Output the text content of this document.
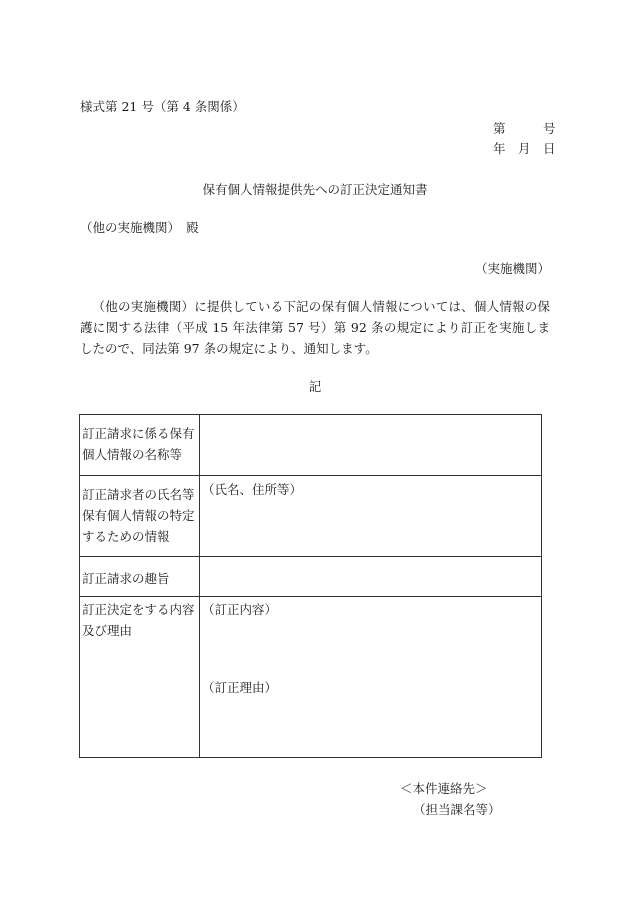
様式第 21 号（第 4 条関係）
第　　　号
年　月　日
保有個人情報提供先への訂正決定通知書
（他の実施機関）　殿
（実施機関）
（他の実施機関）に提供している下記の保有個人情報については、個人情報の保護に関する法律（平成 15 年法律第 57 号）第 92 条の規定により訂正を実施しましたので、同法第 97 条の規定により、通知します。
記
訂正請求に係る保有個人情報の名称等	
訂正請求者の氏名等保有個人情報の特定するための情報	（氏名、住所等）
訂正請求の趣旨	
訂正決定をする内容及び理由	（訂正内容）
（訂正理由）
＜本件連絡先＞
（担当課名等）
